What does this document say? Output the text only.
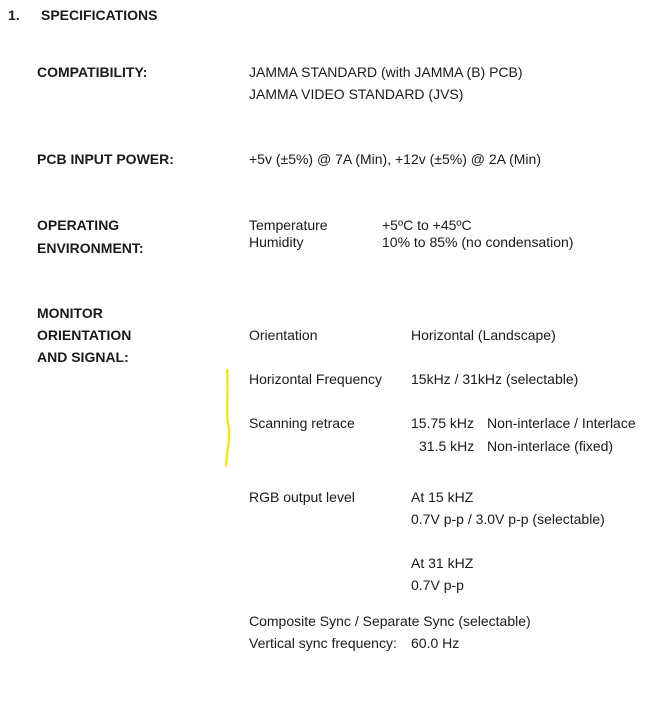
1. SPECIFICATIONS
COMPATIBILITY:	JAMMA STANDARD (with JAMMA (B) PCB)
JAMMA VIDEO STANDARD (JVS)
PCB INPUT POWER:	+5v (±5%) @ 7A (Min), +12v (±5%) @ 2A (Min)
OPERATING
ENVIRONMENT:
Temperature	+5ºC to +45ºC
Humidity	10% to 85% (no condensation)
MONITOR
ORIENTATION
AND SIGNAL:
Orientation	Horizontal (Landscape)
Horizontal Frequency 15kHz / 31kHz (selectable)
Scanning retrace	15.75 kHz Non-interlace / Interlace
31.5 kHz Non-interlace (fixed)
RGB output level	At 15 kHZ
0.7V p-p / 3.0V p-p (selectable)
At 31 kHZ
0.7V p-p
Composite Sync / Separate Sync (selectable)
Vertical sync frequency: 60.0 Hz
